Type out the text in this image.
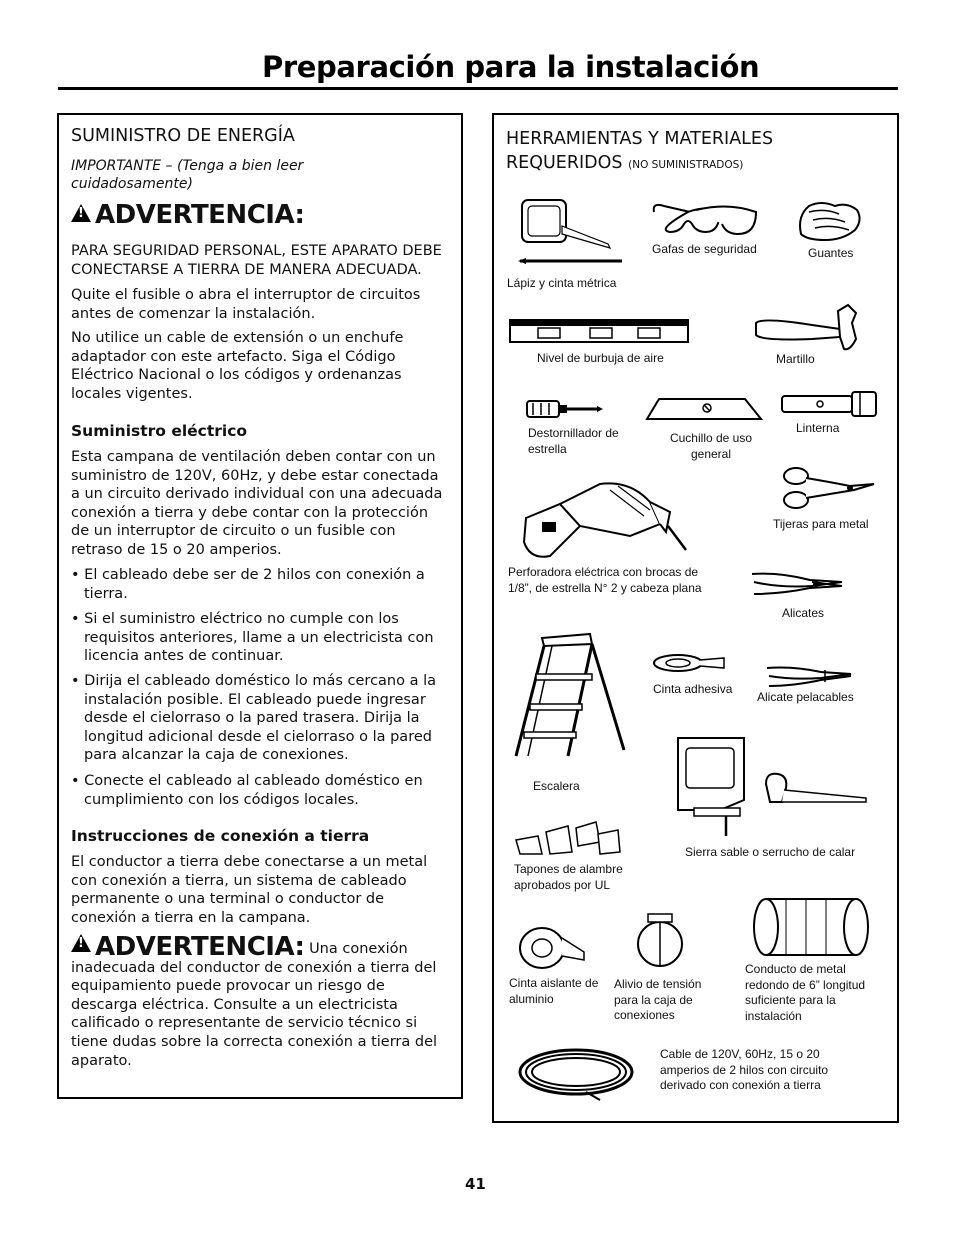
Preparación para la instalación
SUMINISTRO DE ENERGÍA
IMPORTANTE – (Tenga a bien leer cuidadosamente)
!ADVERTENCIA:
PARA SEGURIDAD PERSONAL, ESTE APARATO DEBE CONECTARSE A TIERRA DE MANERA ADECUADA.
Quite el fusible o abra el interruptor de circuitos antes de comenzar la instalación.
No utilice un cable de extensión o un enchufe adaptador con este artefacto. Siga el Código Eléctrico Nacional o los códigos y ordenanzas locales vigentes.
Suministro eléctrico
Esta campana de ventilación deben contar con un suministro de 120V, 60Hz, y debe estar conectada a un circuito derivado individual con una adecuada conexión a tierra y debe contar con la protección de un interruptor de circuito o un fusible con retraso de 15 o 20 amperios.
• El cableado debe ser de 2 hilos con conexión a tierra.
• Si el suministro eléctrico no cumple con los requisitos anteriores, llame a un electricista con licencia antes de continuar.
• Dirija el cableado doméstico lo más cercano a la instalación posible. El cableado puede ingresar desde el cielorraso o la pared trasera. Dirija la longitud adicional desde el cielorraso o la pared para alcanzar la caja de conexiones.
• Conecte el cableado al cableado doméstico en cumplimiento con los códigos locales.
Instrucciones de conexión a tierra
El conductor a tierra debe conectarse a un metal con conexión a tierra, un sistema de cableado permanente o una terminal o conductor de conexión a tierra en la campana.
!ADVERTENCIA: Una conexión inadecuada del conductor de conexión a tierra del equipamiento puede provocar un riesgo de descarga eléctrica. Consulte a un electricista calificado o representante de servicio técnico si tiene dudas sobre la correcta conexión a tierra del aparato.
HERRAMIENTAS Y MATERIALES REQUERIDOS (NO SUMINISTRADOS)
Lápiz y cinta métrica
Gafas de seguridad	Guantes
Nivel de burbuja de aire	Martillo
Destornillador de estrella
Cuchillo de uso general
Linterna
Tijeras para metal
Perforadora eléctrica con brocas de 1/8”, de estrella N° 2 y cabeza plana
Alicates
Escalera
Cinta adhesiva
Alicate pelacables
Sierra sable o serrucho de calar
Tapones de alambre aprobados por UL
Cinta aislante de aluminio
Alivio de tensión para la caja de conexiones
Conducto de metal redondo de 6” longitud suficiente para la instalación
Cable de 120V, 60Hz, 15 o 20 amperios de 2 hilos con circuito derivado con conexión a tierra
41
